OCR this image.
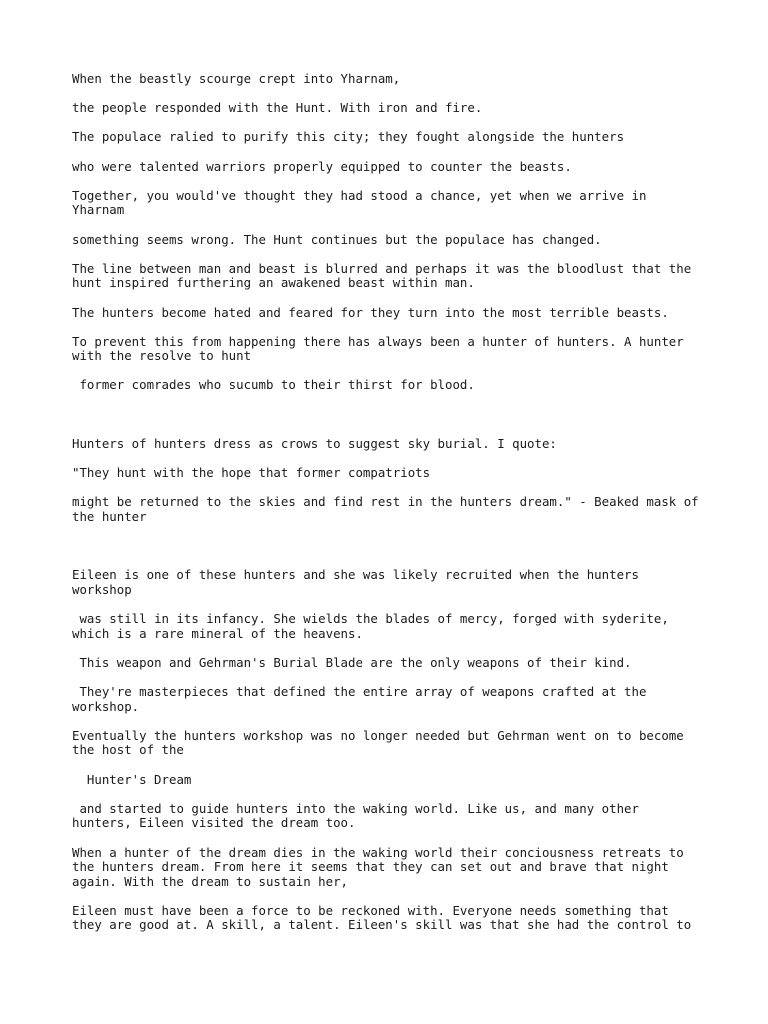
When the beastly scourge crept into Yharnam,

the people responded with the Hunt. With iron and fire.

The populace ralied to purify this city; they fought alongside the hunters

who were talented warriors properly equipped to counter the beasts.

Together, you would've thought they had stood a chance, yet when we arrive in Yharnam

something seems wrong. The Hunt continues but the populace has changed.

The line between man and beast is blurred and perhaps it was the bloodlust that the hunt inspired furthering an awakened beast within man.

The hunters become hated and feared for they turn into the most terrible beasts.

To prevent this from happening there has always been a hunter of hunters. A hunter with the resolve to hunt

former comrades who sucumb to their thirst for blood.

Hunters of hunters dress as crows to suggest sky burial. I quote:

"They hunt with the hope that former compatriots

might be returned to the skies and find rest in the hunters dream." - Beaked mask of the hunter

Eileen is one of these hunters and she was likely recruited when the hunters workshop

was still in its infancy. She wields the blades of mercy, forged with syderite, which is a rare mineral of the heavens.

This weapon and Gehrman's Burial Blade are the only weapons of their kind.

They're masterpieces that defined the entire array of weapons crafted at the workshop.

Eventually the hunters workshop was no longer needed but Gehrman went on to become the host of the

Hunter's Dream

and started to guide hunters into the waking world. Like us, and many other hunters, Eileen visited the dream too.

When a hunter of the dream dies in the waking world their conciousness retreats to the hunters dream. From here it seems that they can set out and brave that night again. With the dream to sustain her,

Eileen must have been a force to be reckoned with. Everyone needs something that they are good at. A skill, a talent. Eileen's skill was that she had the control to
